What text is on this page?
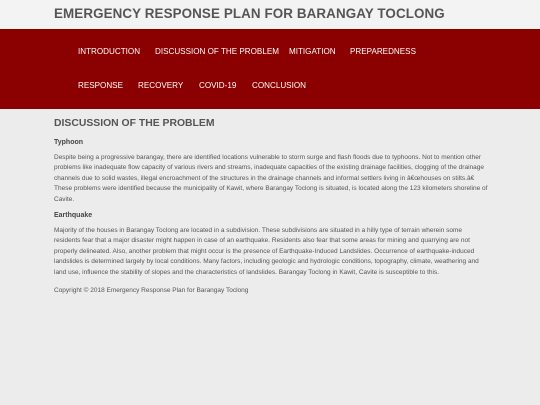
EMERGENCY RESPONSE PLAN FOR BARANGAY TOCLONG
INTRODUCTION DISCUSSION OF THE PROBLEM MITIGATION PREPAREDNESS
RESPONSE RECOVERY COVID-19 CONCLUSION
DISCUSSION OF THE PROBLEM
Typhoon

Despite being a progressive barangay, there are identified locations vulnerable to storm surge and flash floods due to typhoons. Not to mention other problems like inadequate flow capacity of various rivers and streams, inadequate capacities of the existing drainage facilities, clogging of the drainage channels due to solid wastes, illegal encroachment of the structures in the drainage channels and informal settlers living in â€œhouses on stilts.â€ These problems were identified because the municipality of Kawit, where Barangay Toclong is situated, is located along the 123 kilometers shoreline of Cavite.

Earthquake

Majority of the houses in Barangay Toclong are located in a subdivision. These subdivisions are situated in a hilly type of terrain wherein some residents fear that a major disaster might happen in case of an earthquake. Residents also fear that some areas for mining and quarrying are not properly delineated. Also, another problem that might occur is the presence of Earthquake-Induced Landslides. Occurrence of earthquake-induced landslides is determined largely by local conditions. Many factors, including geologic and hydrologic conditions, topography, climate, weathering and land use, influence the stability of slopes and the characteristics of landslides. Barangay Toclong in Kawit, Cavite is susceptible to this.

Copyright © 2018 Emergency Response Plan for Barangay Toclong
